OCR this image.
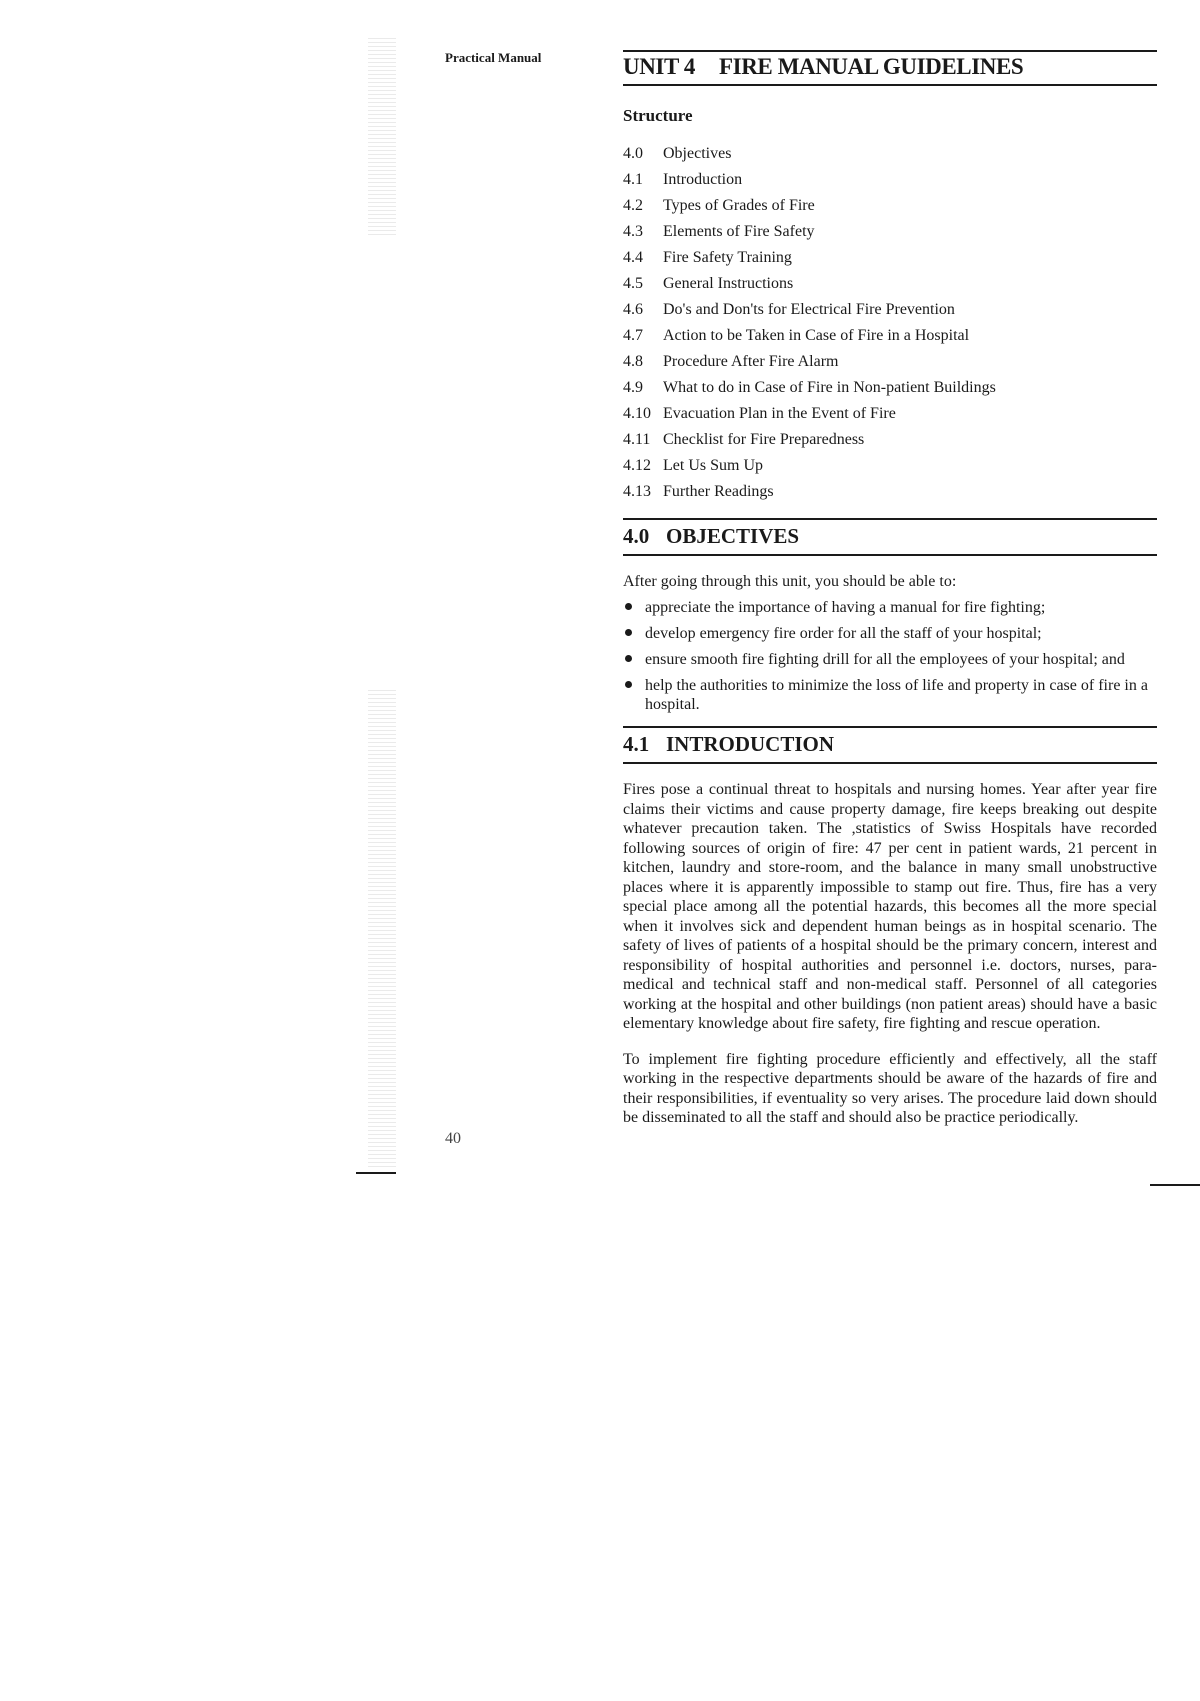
Practical Manual
40
UNIT 4 FIRE MANUAL GUIDELINES
Structure
4.0 Objectives
4.1 Introduction
4.2 Types of Grades of Fire
4.3 Elements of Fire Safety
4.4 Fire Safety Training
4.5 General Instructions
4.6 Do's and Don'ts for Electrical Fire Prevention
4.7 Action to be Taken in Case of Fire in a Hospital
4.8 Procedure After Fire Alarm
4.9 What to do in Case of Fire in Non-patient Buildings
4.10 Evacuation Plan in the Event of Fire
4.11 Checklist for Fire Preparedness
4.12 Let Us Sum Up
4.13 Further Readings
4.0 OBJECTIVES
After going through this unit, you should be able to:
appreciate the importance of having a manual for fire fighting;
develop emergency fire order for all the staff of your hospital;
ensure smooth fire fighting drill for all the employees of your hospital; and
help the authorities to minimize the loss of life and property in case of fire in a hospital.
4.1 INTRODUCTION
Fires pose a continual threat to hospitals and nursing homes. Year after year fire claims their victims and cause property damage, fire keeps breaking out despite whatever precaution taken. The ,statistics of Swiss Hospitals have recorded following sources of origin of fire: 47 per cent in patient wards, 21 percent in kitchen, laundry and store-room, and the balance in many small unobstructive places where it is apparently impossible to stamp out fire. Thus, fire has a very special place among all the potential hazards, this becomes all the more special when it involves sick and dependent human beings as in hospital scenario. The safety of lives of patients of a hospital should be the primary concern, interest and responsibility of hospital authorities and personnel i.e. doctors, nurses, para-medical and technical staff and non-medical staff. Personnel of all categories working at the hospital and other buildings (non patient areas) should have a basic elementary knowledge about fire safety, fire fighting and rescue operation.
To implement fire fighting procedure efficiently and effectively, all the staff working in the respective departments should be aware of the hazards of fire and their responsibilities, if eventuality so very arises. The procedure laid down should be disseminated to all the staff and should also be practice periodically.
